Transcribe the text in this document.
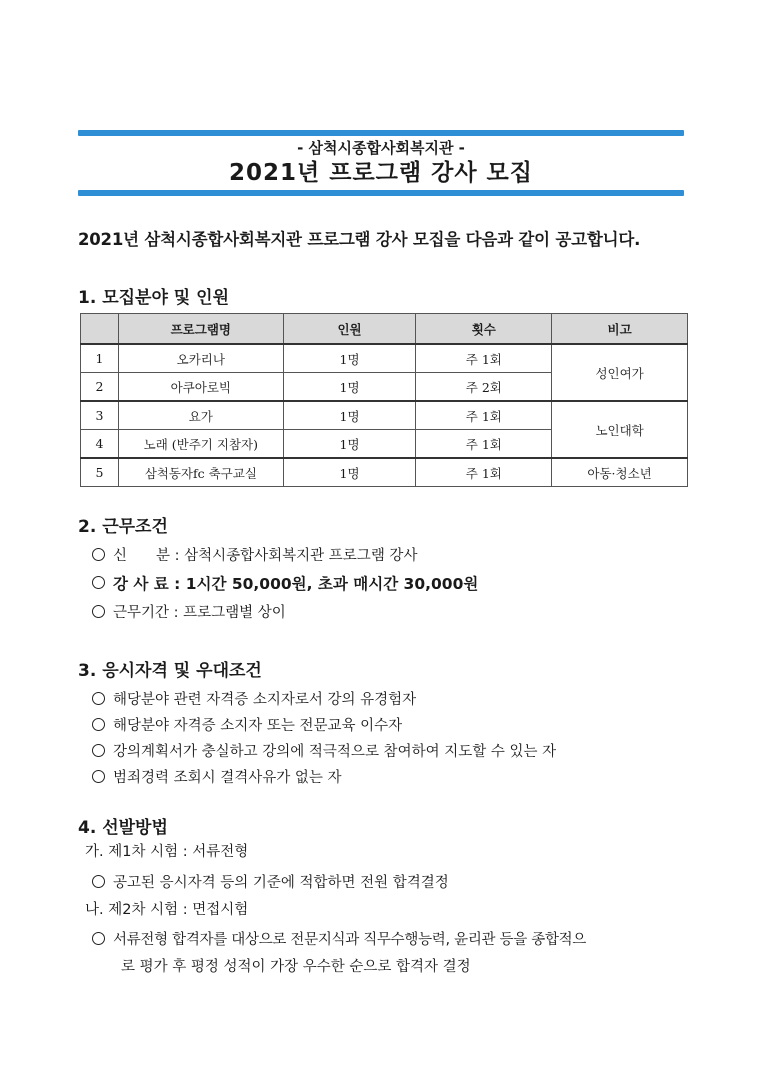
- 삼척시종합사회복지관 -
2021년 프로그램 강사 모집
2021년 삼척시종합사회복지관 프로그램 강사 모집을 다음과 같이 공고합니다.
1. 모집분야 및 인원
	프로그램명	인원	횟수	비고
1	오카리나	1명	주 1회	성인여가
2	아쿠아로빅	1명	주 2회	
3	요가	1명	주 1회	노인대학
4	노래 (반주기 지참자)	1명	주 1회	
5	삼척동자fc 축구교실	1명	주 1회	아동·청소년
2. 근무조건
신　　분 : 삼척시종합사회복지관 프로그램 강사
강 사 료 : 1시간 50,000원, 초과 매시간 30,000원
근무기간 : 프로그램별 상이
3. 응시자격 및 우대조건
해당분야 관련 자격증 소지자로서 강의 유경험자
해당분야 자격증 소지자 또는 전문교육 이수자
강의계획서가 충실하고 강의에 적극적으로 참여하여 지도할 수 있는 자
범죄경력 조회시 결격사유가 없는 자
4. 선발방법
가. 제1차 시험 : 서류전형
공고된 응시자격 등의 기준에 적합하면 전원 합격결정
나. 제2차 시험 : 면접시험
서류전형 합격자를 대상으로 전문지식과 직무수행능력, 윤리관 등을 종합적으
로 평가 후 평정 성적이 가장 우수한 순으로 합격자 결정
